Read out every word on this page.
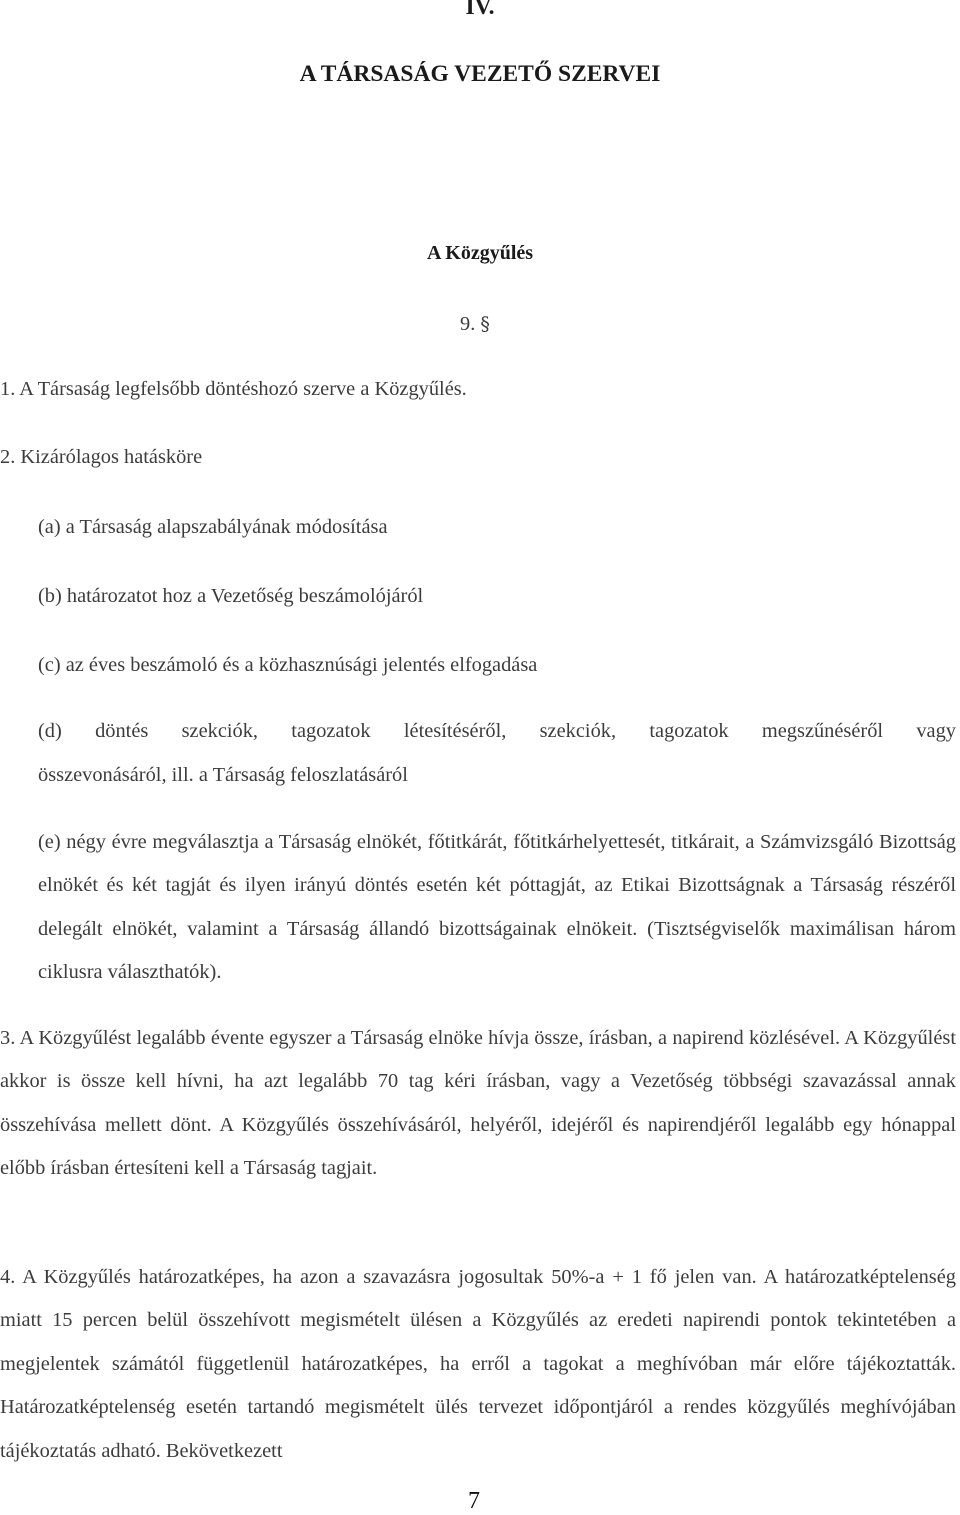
IV.
A TÁRSASÁG VEZETŐ SZERVEI
A Közgyűlés
9. §
1. A Társaság legfelsőbb döntéshozó szerve a Közgyűlés.
2. Kizárólagos hatásköre
(a) a Társaság alapszabályának módosítása
(b) határozatot hoz a Vezetőség beszámolójáról
(c) az éves beszámoló és a közhasznúsági jelentés elfogadása
(d) döntés szekciók, tagozatok létesítéséről, szekciók, tagozatok megszűnéséről vagy
összevonásáról, ill. a Társaság feloszlatásáról
(e) négy évre megválasztja a Társaság elnökét, főtitkárát, főtitkárhelyettesét, titkárait, a Számvizsgáló Bizottság elnökét és két tagját és ilyen irányú döntés esetén két póttagját, az Etikai Bizottságnak a Társaság részéről delegált elnökét, valamint a Társaság állandó bizottságainak elnökeit. (Tisztségviselők maximálisan három ciklusra választhatók).
3. A Közgyűlést legalább évente egyszer a Társaság elnöke hívja össze, írásban, a napirend közlésével. A Közgyűlést akkor is össze kell hívni, ha azt legalább 70 tag kéri írásban, vagy a Vezetőség többségi szavazással annak összehívása mellett dönt. A Közgyűlés összehívásáról, helyéről, idejéről és napirendjéről legalább egy hónappal előbb írásban értesíteni kell a Társaság tagjait.
4. A Közgyűlés határozatképes, ha azon a szavazásra jogosultak 50%-a + 1 fő jelen van. A határozatképtelenség miatt 15 percen belül összehívott megismételt ülésen a Közgyűlés az eredeti napirendi pontok tekintetében a megjelentek számától függetlenül határozatképes, ha erről a tagokat a meghívóban már előre tájékoztatták. Határozatképtelenség esetén tartandó megismételt ülés tervezet időpontjáról a rendes közgyűlés meghívójában tájékoztatás adható. Bekövetkezett
7
